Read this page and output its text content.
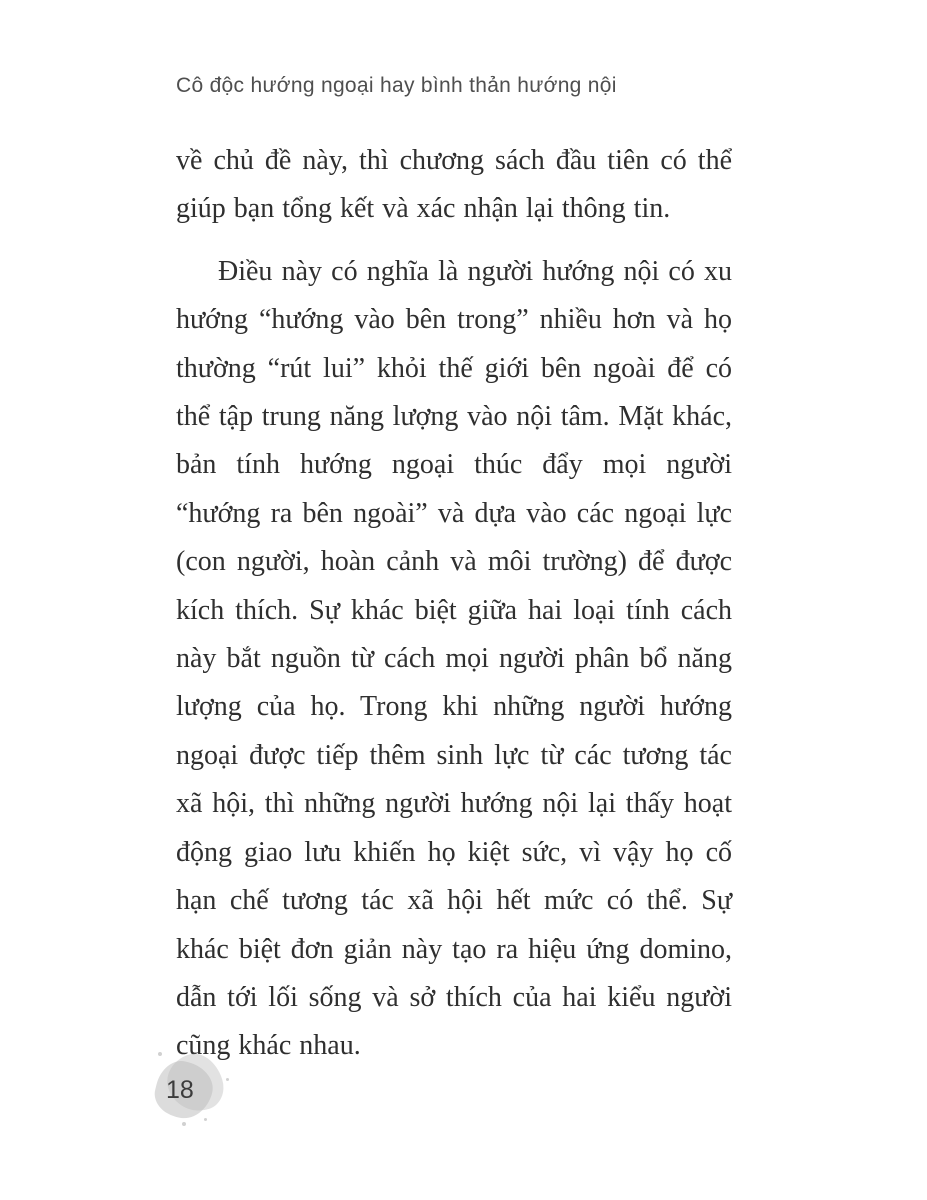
Cô độc hướng ngoại hay bình thản hướng nội

về chủ đề này, thì chương sách đầu tiên có thể giúp bạn tổng kết và xác nhận lại thông tin.

Điều này có nghĩa là người hướng nội có xu hướng “hướng vào bên trong” nhiều hơn và họ thường “rút lui” khỏi thế giới bên ngoài để có thể tập trung năng lượng vào nội tâm. Mặt khác, bản tính hướng ngoại thúc đẩy mọi người “hướng ra bên ngoài” và dựa vào các ngoại lực (con người, hoàn cảnh và môi trường) để được kích thích. Sự khác biệt giữa hai loại tính cách này bắt nguồn từ cách mọi người phân bổ năng lượng của họ. Trong khi những người hướng ngoại được tiếp thêm sinh lực từ các tương tác xã hội, thì những người hướng nội lại thấy hoạt động giao lưu khiến họ kiệt sức, vì vậy họ cố hạn chế tương tác xã hội hết mức có thể. Sự khác biệt đơn giản này tạo ra hiệu ứng domino, dẫn tới lối sống và sở thích của hai kiểu người cũng khác nhau.

18
